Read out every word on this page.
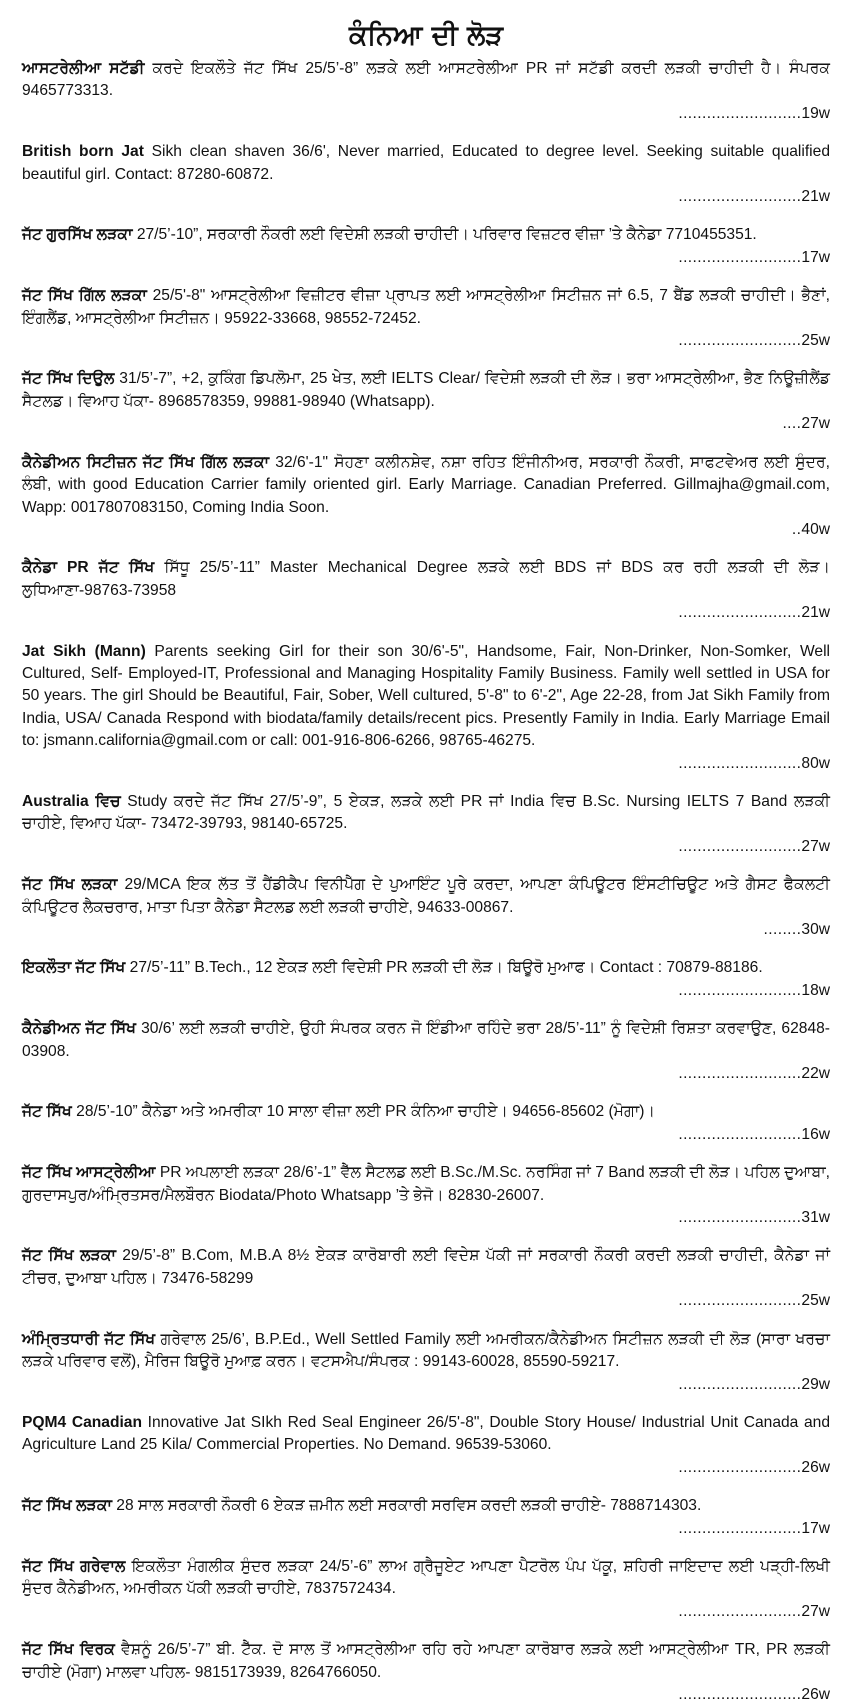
ਕੰਨਿਆ ਦੀ ਲੋੜ
ਆਸਟਰੇਲੀਆ ਸਟੱਡੀ ਕਰਦੇ ਇਕਲੌਤੇ ਜੱਟ ਸਿੱਖ 25/5’-8” ਲੜਕੇ ਲਈ ਆਸਟਰੇਲੀਆ PR ਜਾਂ ਸਟੱਡੀ ਕਰਦੀ ਲੜਕੀ ਚਾਹੀਦੀ ਹੈ। ਸੰਪਰਕ 9465773313.
..........................19w
British born Jat Sikh clean shaven 36/6', Never married, Educated to degree level. Seeking suitable qualified beautiful girl. Contact: 87280-60872.
..........................21w
ਜੱਟ ਗੁਰਸਿੱਖ ਲੜਕਾ 27/5’-10”, ਸਰਕਾਰੀ ਨੌਕਰੀ ਲਈ ਵਿਦੇਸ਼ੀ ਲੜਕੀ ਚਾਹੀਦੀ। ਪਰਿਵਾਰ ਵਿਜ਼ਟਰ ਵੀਜ਼ਾ ’ਤੇ ਕੈਨੇਡਾ 7710455351.
..........................17w
ਜੱਟ ਸਿੱਖ ਗਿੱਲ ਲੜਕਾ 25/5'-8" ਆਸਟ੍ਰੇਲੀਆ ਵਿਜ਼ੀਟਰ ਵੀਜ਼ਾ ਪ੍ਰਾਪਤ ਲਈ ਆਸਟ੍ਰੇਲੀਆ ਸਿਟੀਜ਼ਨ ਜਾਂ 6.5, 7 ਬੈਂਡ ਲੜਕੀ ਚਾਹੀਦੀ। ਭੈਣਾਂ, ਇੰਗਲੈਂਡ, ਆਸਟ੍ਰੇਲੀਆ ਸਿਟੀਜ਼ਨ। 95922-33668, 98552-72452.
..........................25w
ਜੱਟ ਸਿੱਖ ਦਿਉਲ 31/5’-7”, +2, ਕੁਕਿੰਗ ਡਿਪਲੋਮਾ, 25 ਖੇਤ, ਲਈ IELTS Clear/ ਵਿਦੇਸ਼ੀ ਲੜਕੀ ਦੀ ਲੋੜ। ਭਰਾ ਆਸਟ੍ਰੇਲੀਆ, ਭੈਣ ਨਿਊਜ਼ੀਲੈਂਡ ਸੈਟਲਡ। ਵਿਆਹ ਪੱਕਾ- 8968578359, 99881-98940 (Whatsapp).
....27w
ਕੈਨੇਡੀਅਨ ਸਿਟੀਜ਼ਨ ਜੱਟ ਸਿੱਖ ਗਿੱਲ ਲੜਕਾ 32/6'-1" ਸੋਹਣਾ ਕਲੀਨਸ਼ੇਵ, ਨਸ਼ਾ ਰਹਿਤ ਇੰਜੀਨੀਅਰ, ਸਰਕਾਰੀ ਨੌਕਰੀ, ਸਾਫਟਵੇਅਰ ਲਈ ਸੁੰਦਰ, ਲੰਬੀ, with good Education Carrier family oriented girl. Early Marriage. Canadian Preferred. Gillmajha@gmail.com, Wapp: 0017807083150, Coming India Soon.
..40w
ਕੈਨੇਡਾ PR ਜੱਟ ਸਿੱਖ ਸਿੱਧੂ 25/5’-11” Master Mechanical Degree ਲੜਕੇ ਲਈ BDS ਜਾਂ BDS ਕਰ ਰਹੀ ਲੜਕੀ ਦੀ ਲੋੜ। ਲੁਧਿਆਣਾ-98763-73958
..........................21w
Jat Sikh (Mann) Parents seeking Girl for their son 30/6'-5", Handsome, Fair, Non-Drinker, Non-Somker, Well Cultured, Self- Employed-IT, Professional and Managing Hospitality Family Business. Family well settled in USA for 50 years. The girl Should be Beautiful, Fair, Sober, Well cultured, 5'-8" to 6'-2", Age 22-28, from Jat Sikh Family from India, USA/ Canada Respond with biodata/family details/recent pics. Presently Family in India. Early Marriage Email to: jsmann.california@gmail.com or call: 001-916-806-6266, 98765-46275.
..........................80w
Australia ਵਿਚ Study ਕਰਦੇ ਜੱਟ ਸਿੱਖ 27/5’-9”, 5 ਏਕੜ, ਲੜਕੇ ਲਈ PR ਜਾਂ India ਵਿਚ B.Sc. Nursing IELTS 7 Band ਲੜਕੀ ਚਾਹੀਏ, ਵਿਆਹ ਪੱਕਾ- 73472-39793, 98140-65725.
..........................27w
ਜੱਟ ਸਿੱਖ ਲੜਕਾ 29/MCA ਇਕ ਲੱਤ ਤੋਂ ਹੈਂਡੀਕੈਪ ਵਿਨੀਪੈੱਗ ਦੇ ਪੁਆਇੰਟ ਪੂਰੇ ਕਰਦਾ, ਆਪਣਾ ਕੰਪਿਊਟਰ ਇੰਸਟੀਚਿਊਟ ਅਤੇ ਗੈਸਟ ਫੈਕਲਟੀ ਕੰਪਿਊਟਰ ਲੈਕਚਰਾਰ, ਮਾਤਾ ਪਿਤਾ ਕੈਨੇਡਾ ਸੈਟਲਡ ਲਈ ਲੜਕੀ ਚਾਹੀਏ, 94633-00867.
........30w
ਇਕਲੌਤਾ ਜੱਟ ਸਿੱਖ 27/5’-11” B.Tech., 12 ਏਕੜ ਲਈ ਵਿਦੇਸ਼ੀ PR ਲੜਕੀ ਦੀ ਲੋੜ। ਬਿਊਰੋ ਮੁਆਫ। Contact : 70879-88186.
..........................18w
ਕੈਨੇਡੀਅਨ ਜੱਟ ਸਿੱਖ 30/6’ ਲਈ ਲੜਕੀ ਚਾਹੀਏ, ਉਹੀ ਸੰਪਰਕ ਕਰਨ ਜੋ ਇੰਡੀਆ ਰਹਿੰਦੇ ਭਰਾ 28/5’-11” ਨੂੰ ਵਿਦੇਸ਼ੀ ਰਿਸ਼ਤਾ ਕਰਵਾਉਣ, 62848-03908.
..........................22w
ਜੱਟ ਸਿੱਖ 28/5’-10” ਕੈਨੇਡਾ ਅਤੇ ਅਮਰੀਕਾ 10 ਸਾਲਾ ਵੀਜ਼ਾ ਲਈ PR ਕੰਨਿਆ ਚਾਹੀਏ। 94656-85602 (ਮੋਗਾ)।
..........................16w
ਜੱਟ ਸਿੱਖ ਆਸਟ੍ਰੇਲੀਆ PR ਅਪਲਾਈ ਲੜਕਾ 28/6’-1” ਵੈੱਲ ਸੈਟਲਡ ਲਈ B.Sc./M.Sc. ਨਰਸਿੰਗ ਜਾਂ 7 Band ਲੜਕੀ ਦੀ ਲੋੜ। ਪਹਿਲ ਦੁਆਬਾ, ਗੁਰਦਾਸਪੁਰ/ਅੰਮ੍ਰਿਤਸਰ/ਮੈਲਬੌਰਨ Biodata/Photo Whatsapp ’ਤੇ ਭੇਜੋ। 82830-26007.
..........................31w
ਜੱਟ ਸਿੱਖ ਲੜਕਾ 29/5’-8” B.Com, M.B.A 8½ ਏਕੜ ਕਾਰੋਬਾਰੀ ਲਈ ਵਿਦੇਸ਼ ਪੱਕੀ ਜਾਂ ਸਰਕਾਰੀ ਨੌਕਰੀ ਕਰਦੀ ਲੜਕੀ ਚਾਹੀਦੀ, ਕੈਨੇਡਾ ਜਾਂ ਟੀਚਰ, ਦੁਆਬਾ ਪਹਿਲ। 73476-58299
..........................25w
ਅੰਮ੍ਰਿਤਧਾਰੀ ਜੱਟ ਸਿੱਖ ਗਰੇਵਾਲ 25/6’, B.P.Ed., Well Settled Family ਲਈ ਅਮਰੀਕਨ/ਕੈਨੇਡੀਅਨ ਸਿਟੀਜ਼ਨ ਲੜਕੀ ਦੀ ਲੋੜ (ਸਾਰਾ ਖਰਚਾ ਲੜਕੇ ਪਰਿਵਾਰ ਵਲੋਂ), ਮੈਰਿਜ ਬਿਊਰੋ ਮੁਆਫ਼ ਕਰਨ। ਵਟਸਐਪ/ਸੰਪਰਕ : 99143-60028, 85590-59217.
..........................29w
PQM4 Canadian Innovative Jat SIkh Red Seal Engineer 26/5'-8", Double Story House/ Industrial Unit Canada and Agriculture Land 25 Kila/ Commercial Properties. No Demand. 96539-53060.
..........................26w
ਜੱਟ ਸਿੱਖ ਲੜਕਾ 28 ਸਾਲ ਸਰਕਾਰੀ ਨੌਕਰੀ 6 ਏਕੜ ਜ਼ਮੀਨ ਲਈ ਸਰਕਾਰੀ ਸਰਵਿਸ ਕਰਦੀ ਲੜਕੀ ਚਾਹੀਏ- 7888714303.
..........................17w
ਜੱਟ ਸਿੱਖ ਗਰੇਵਾਲ ਇਕਲੌਤਾ ਮੰਗਲੀਕ ਸੁੰਦਰ ਲੜਕਾ 24/5’-6” ਲਾਅ ਗ੍ਰੈਜੂਏਟ ਆਪਣਾ ਪੈਟਰੋਲ ਪੰਪ ਪੱਕੂ, ਸ਼ਹਿਰੀ ਜਾਇਦਾਦ ਲਈ ਪੜ੍ਹੀ-ਲਿਖੀ ਸੁੰਦਰ ਕੈਨੇਡੀਅਨ, ਅਮਰੀਕਨ ਪੱਕੀ ਲੜਕੀ ਚਾਹੀਏ, 7837572434.
..........................27w
ਜੱਟ ਸਿੱਖ ਵਿਰਕ ਵੈਸ਼ਨੂੰ 26/5’-7” ਬੀ. ਟੈੱਕ. ਦੋ ਸਾਲ ਤੋਂ ਆਸਟ੍ਰੇਲੀਆ ਰਹਿ ਰਹੇ ਆਪਣਾ ਕਾਰੋਬਾਰ ਲੜਕੇ ਲਈ ਆਸਟ੍ਰੇਲੀਆ TR, PR ਲੜਕੀ ਚਾਹੀਏ (ਮੋਗਾ) ਮਾਲਵਾ ਪਹਿਲ- 9815173939, 8264766050.
..........................26w
